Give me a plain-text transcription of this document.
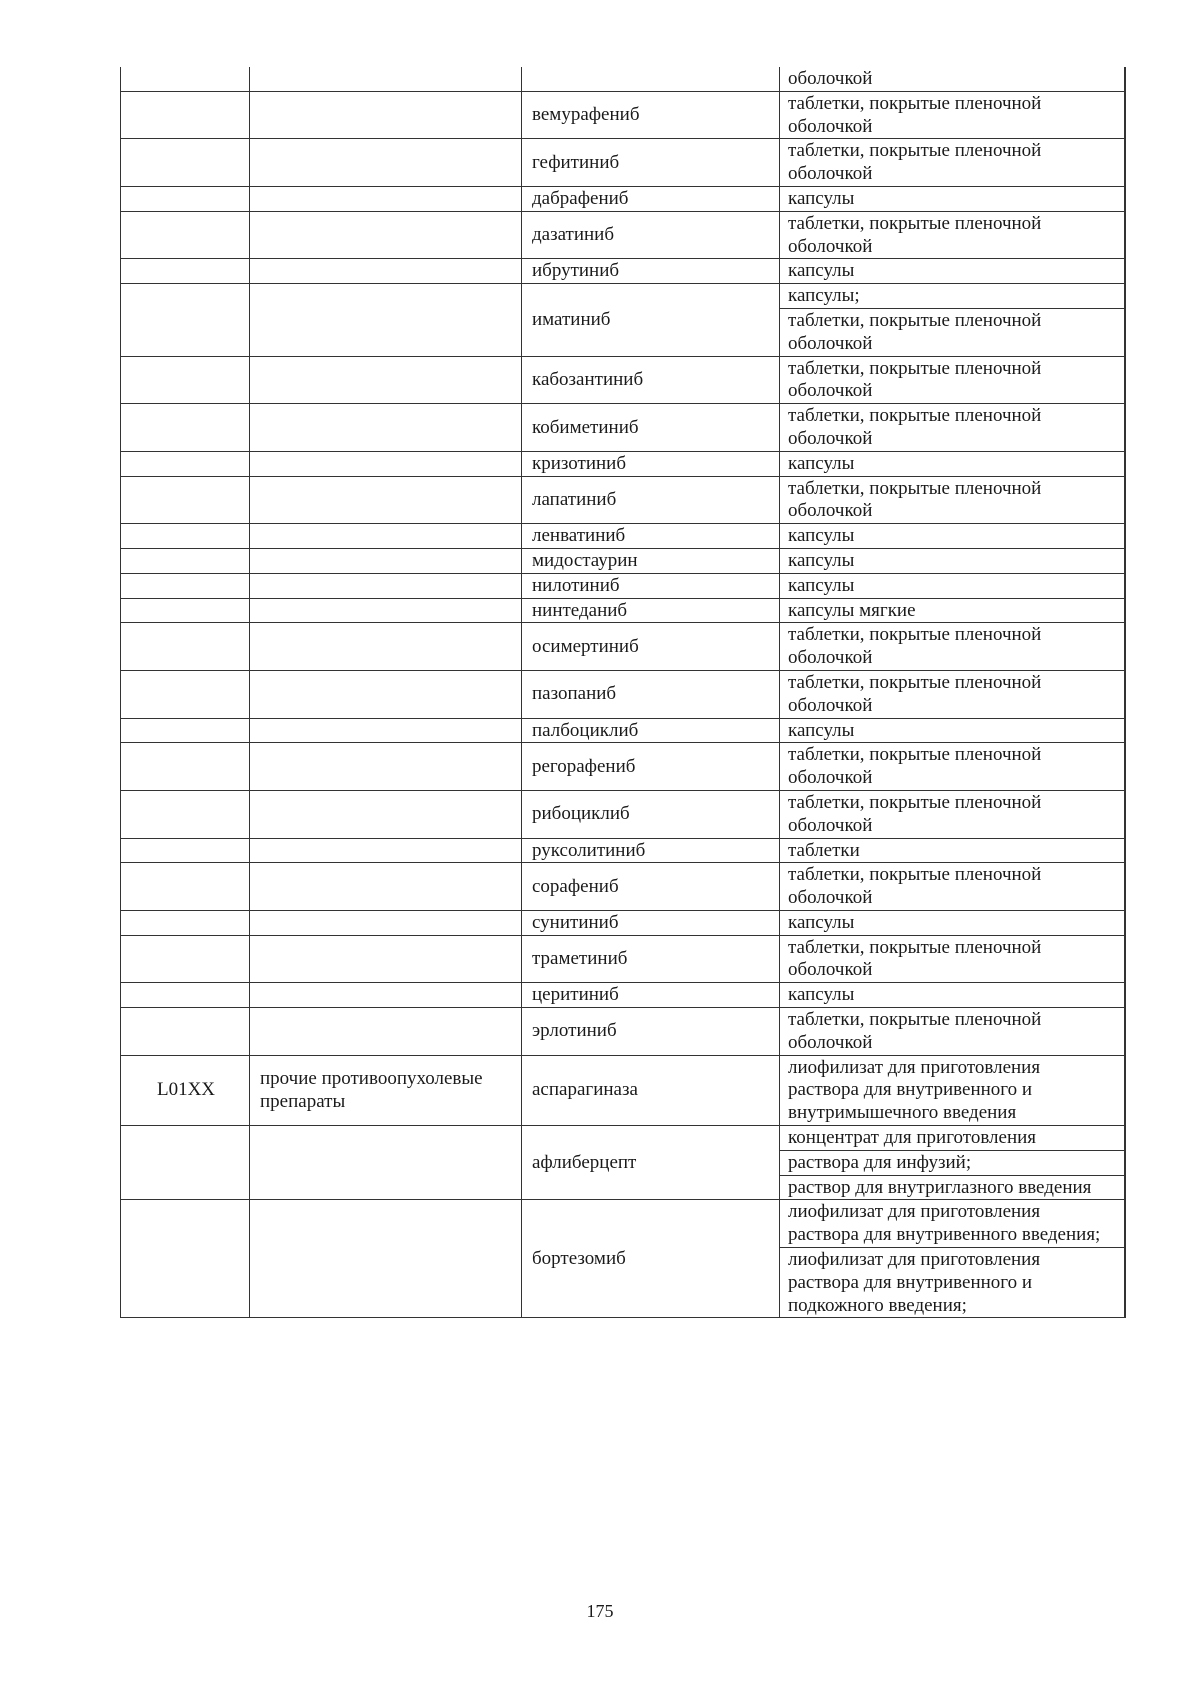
			оболочкой
		вемурафениб	таблетки, покрытые пленочной оболочкой
		гефитиниб	таблетки, покрытые пленочной оболочкой
		дабрафениб	капсулы
		дазатиниб	таблетки, покрытые пленочной оболочкой
		ибрутиниб	капсулы
		иматиниб	капсулы;
			таблетки, покрытые пленочной оболочкой
		кабозантиниб	таблетки, покрытые пленочной оболочкой
		кобиметиниб	таблетки, покрытые пленочной оболочкой
		кризотиниб	капсулы
		лапатиниб	таблетки, покрытые пленочной оболочкой
		ленватиниб	капсулы
		мидостаурин	капсулы
		нилотиниб	капсулы
		нинтеданиб	капсулы мягкие
		осимертиниб	таблетки, покрытые пленочной оболочкой
		пазопаниб	таблетки, покрытые пленочной оболочкой
		палбоциклиб	капсулы
		регорафениб	таблетки, покрытые пленочной оболочкой
		рибоциклиб	таблетки, покрытые пленочной оболочкой
		руксолитиниб	таблетки
		сорафениб	таблетки, покрытые пленочной оболочкой
		сунитиниб	капсулы
		траметиниб	таблетки, покрытые пленочной оболочкой
		церитиниб	капсулы
		эрлотиниб	таблетки, покрытые пленочной оболочкой
L01XX	прочие противоопухолевые препараты	аспарагиназа	лиофилизат для приготовления раствора для внутривенного и внутримышечного введения
		афлиберцепт	концентрат для приготовления
			раствора для инфузий;
			раствор для внутриглазного введения
		бортезомиб	лиофилизат для приготовления раствора для внутривенного введения;
			лиофилизат для приготовления раствора для внутривенного и подкожного введения;
175
